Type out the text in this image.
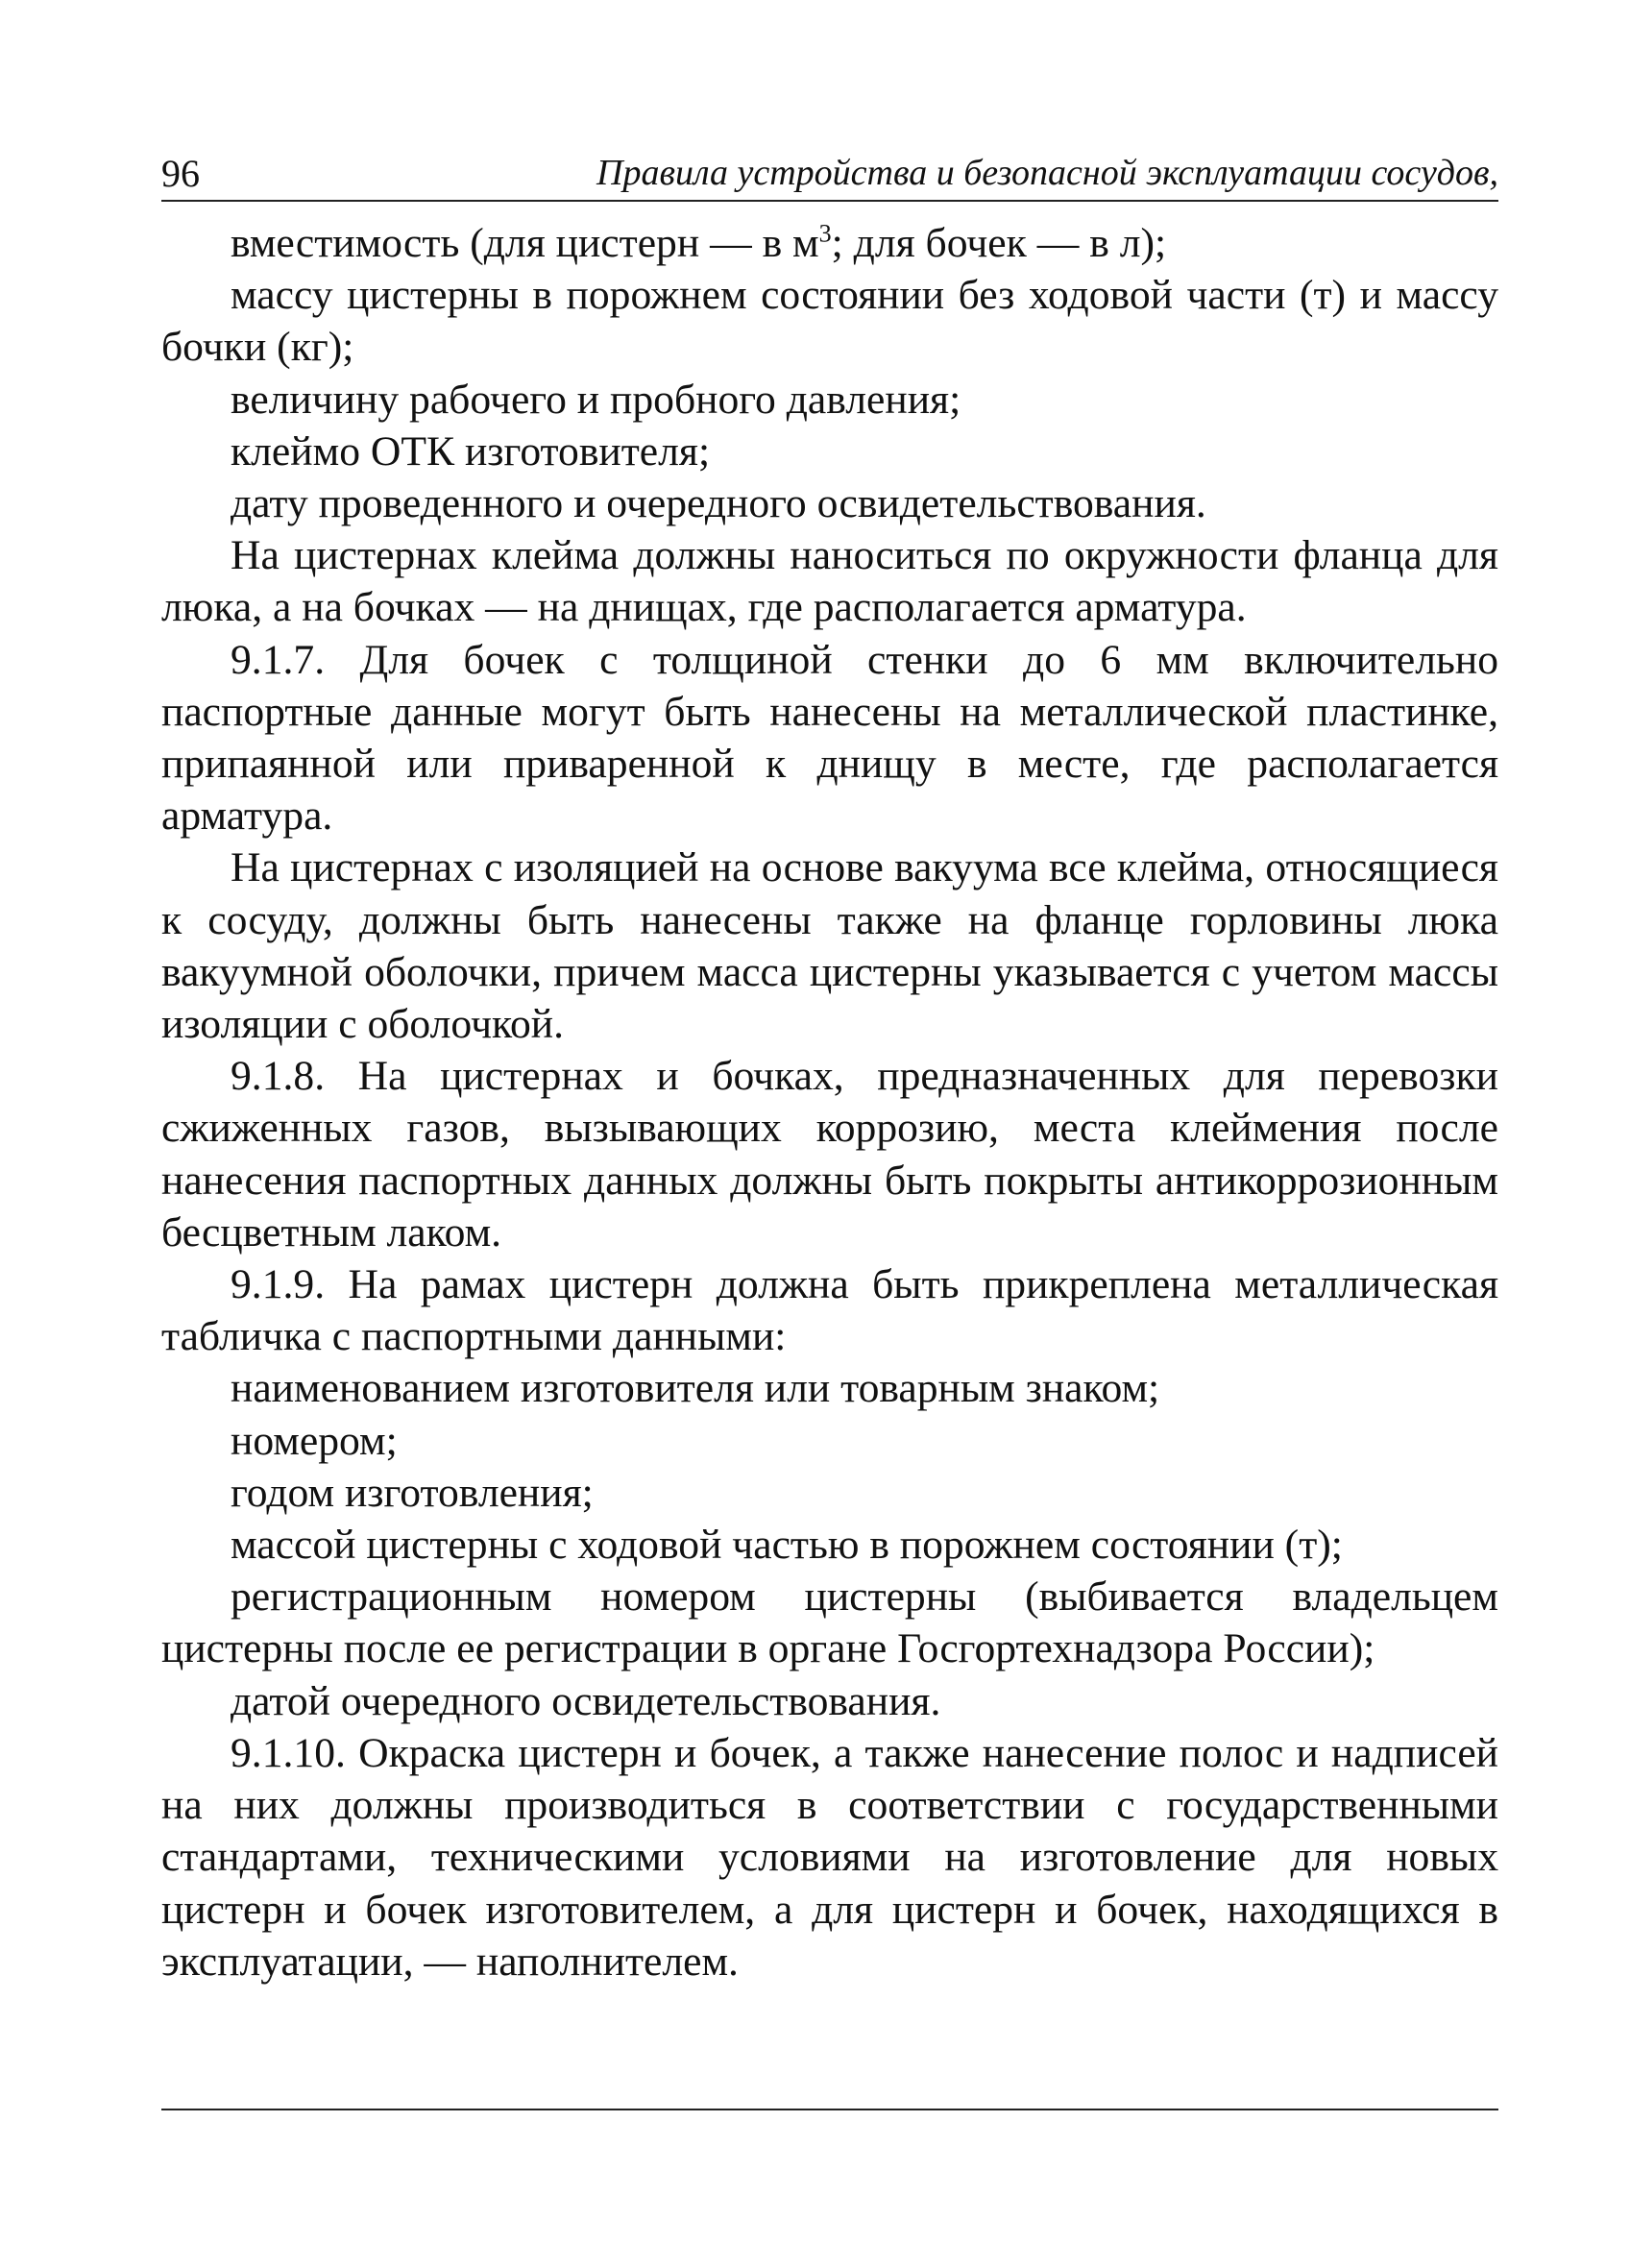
96	Правила устройства и безопасной эксплуатации сосудов,

вместимость (для цистерн — в $м^3$; для бочек — в л);

массу цистерны в порожнем состоянии без ходовой части (т) и массу бочки (кг);

величину рабочего и пробного давления;

клеймо ОТК изготовителя;

дату проведенного и очередного освидетельствования.

На цистернах клейма должны наноситься по окружности фланца для люка, а на бочках — на днищах, где располагается арматура.

9.1.7. Для бочек с толщиной стенки до 6 мм включительно паспортные данные могут быть нанесены на металлической пластинке, припаянной или приваренной к днищу в месте, где располагается арматура.

На цистернах с изоляцией на основе вакуума все клейма, относящиеся к сосуду, должны быть нанесены также на фланце горловины люка вакуумной оболочки, причем масса цистерны указывается с учетом массы изоляции с оболочкой.

9.1.8. На цистернах и бочках, предназначенных для перевозки сжиженных газов, вызывающих коррозию, места клеймения после нанесения паспортных данных должны быть покрыты антикоррозионным бесцветным лаком.

9.1.9. На рамах цистерн должна быть прикреплена металлическая табличка с паспортными данными:

наименованием изготовителя или товарным знаком;

номером;

годом изготовления;

массой цистерны с ходовой частью в порожнем состоянии (т);

регистрационным номером цистерны (выбивается владельцем цистерны после ее регистрации в органе Госгортехнадзора России);

датой очередного освидетельствования.

9.1.10. Окраска цистерн и бочек, а также нанесение полос и надписей на них должны производиться в соответствии с государственными стандартами, техническими условиями на изготовление для новых цистерн и бочек изготовителем, а для цистерн и бочек, находящихся в эксплуатации, — наполнителем.
